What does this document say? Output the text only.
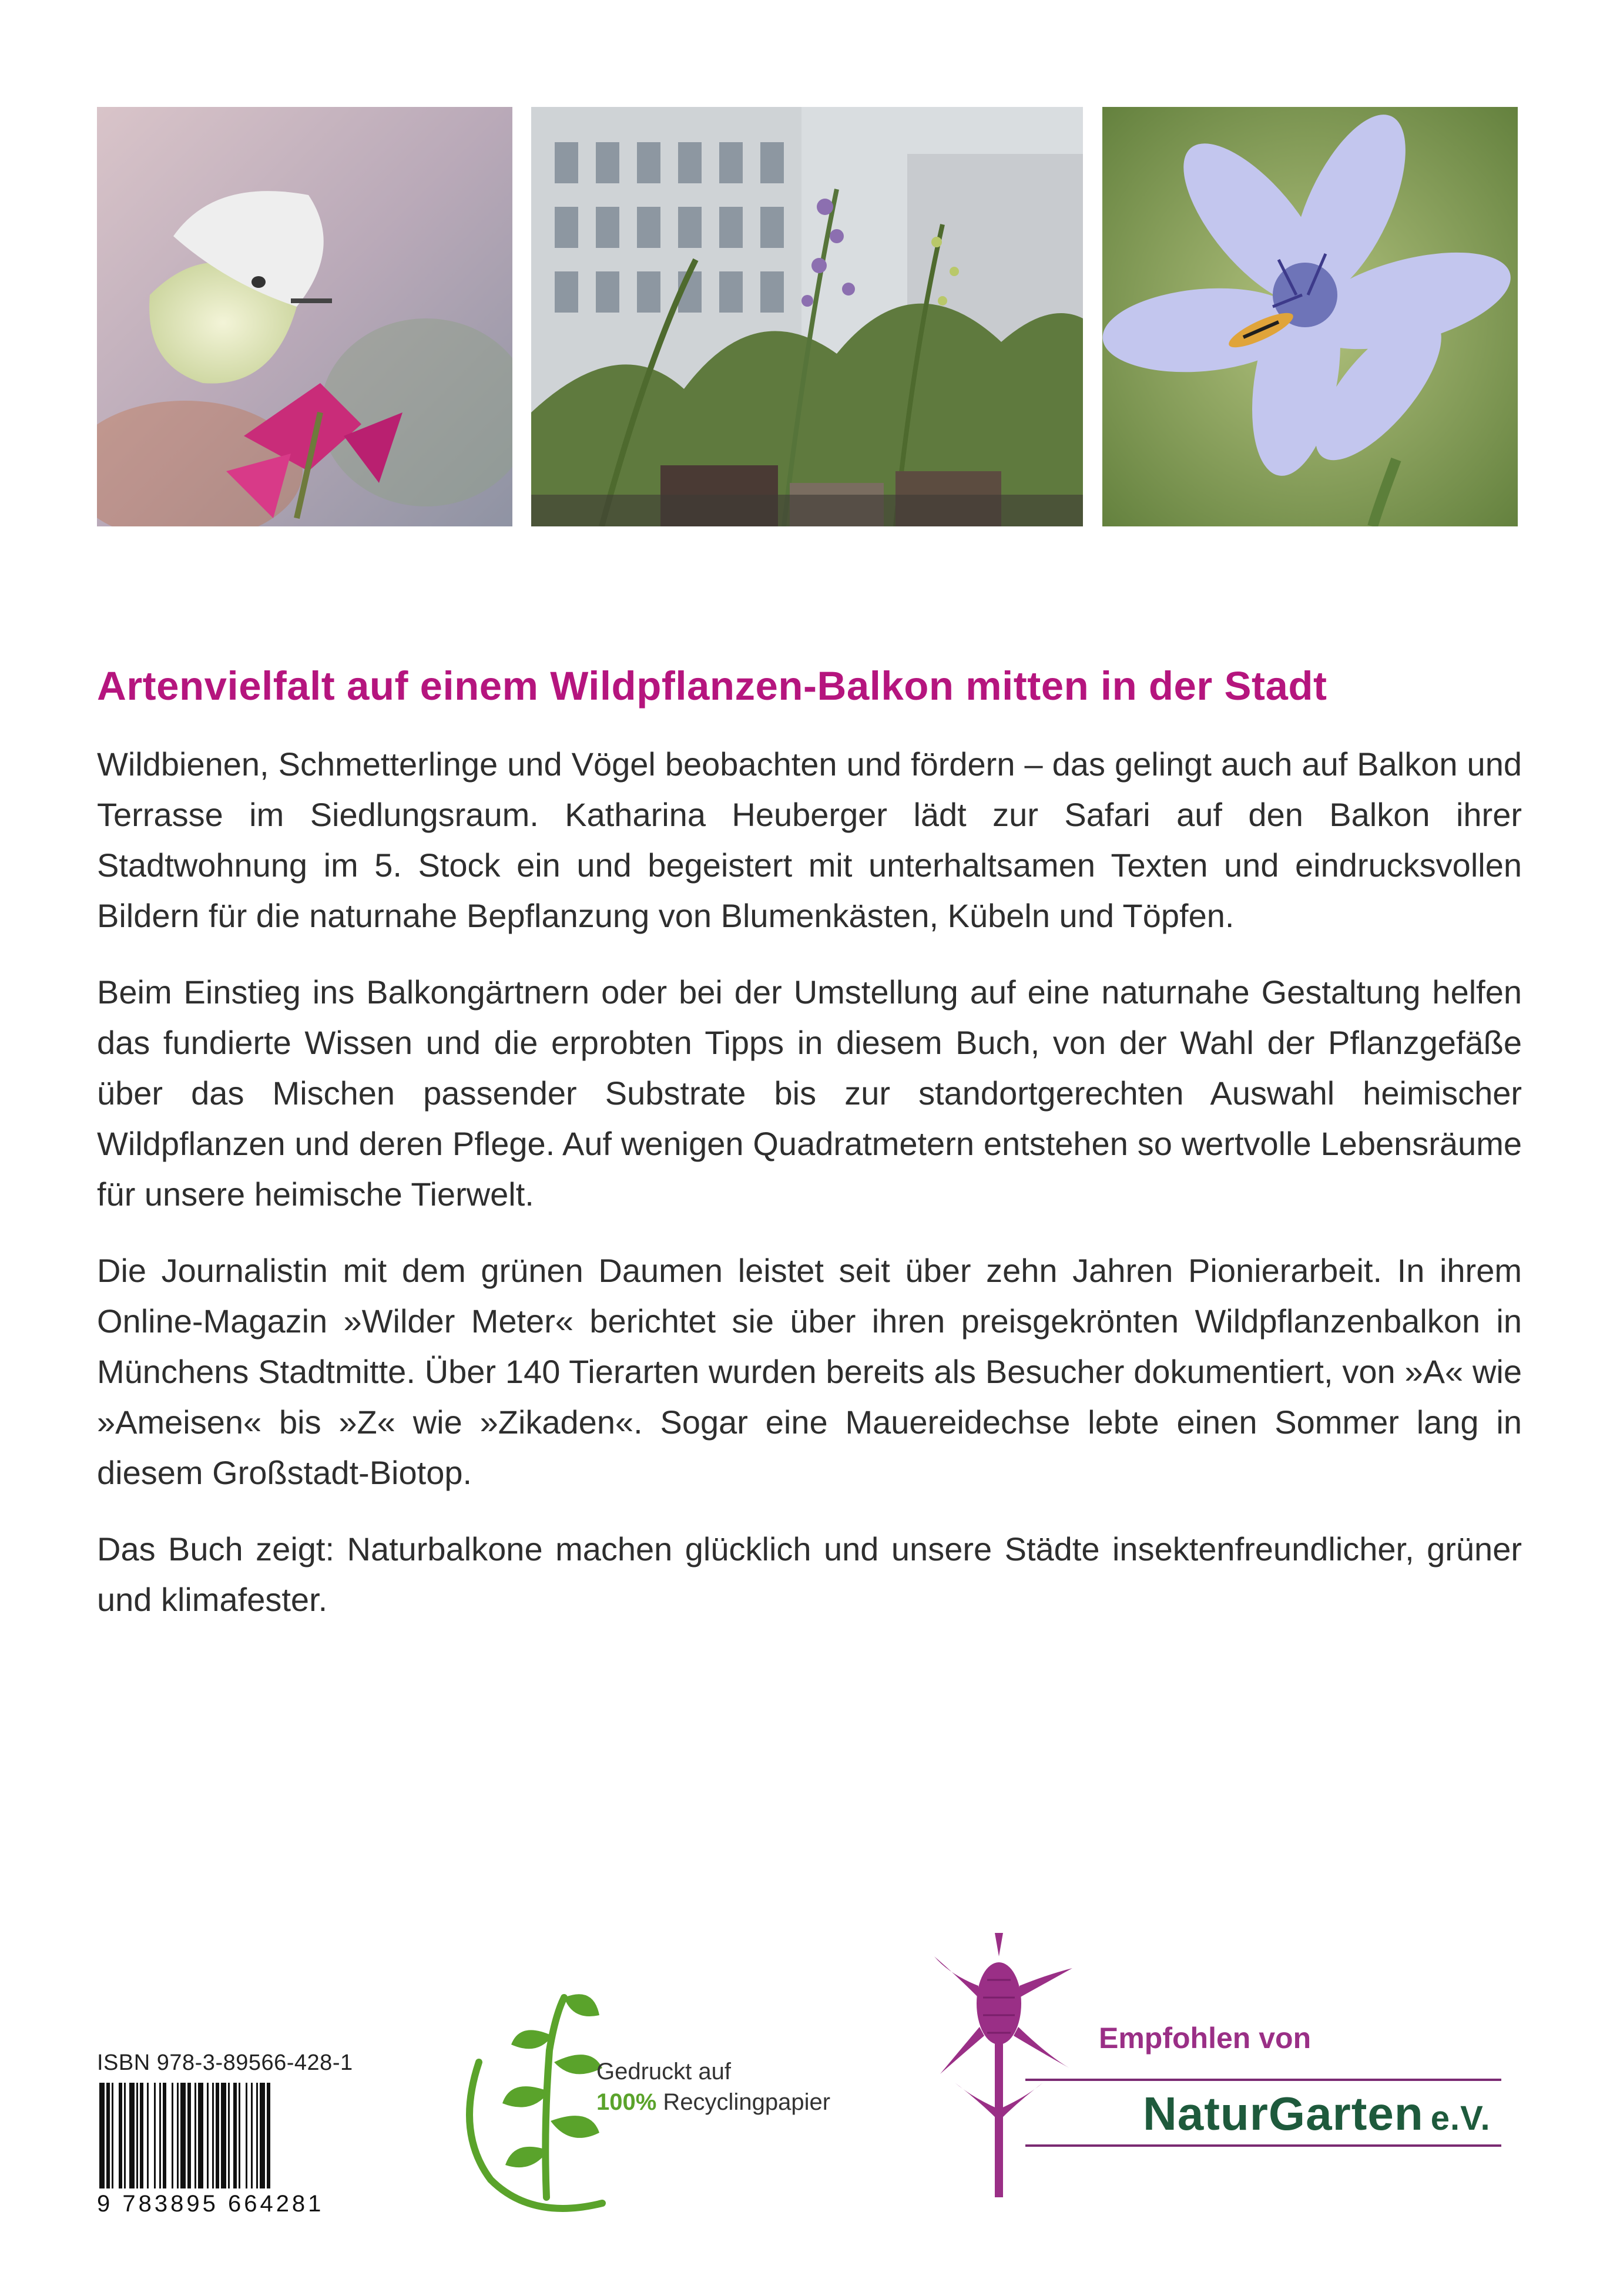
Artenvielfalt auf einem Wildpflanzen-Balkon mitten in der Stadt

Wildbienen, Schmetterlinge und Vögel beobachten und fördern – das gelingt auch auf Balkon und Terrasse im Siedlungsraum. Katharina Heuberger lädt zur Safari auf den Balkon ihrer Stadtwohnung im 5. Stock ein und begeistert mit unterhaltsamen Texten und eindrucksvollen Bildern für die naturnahe Bepflanzung von Blumenkästen, Kübeln und Töpfen.

Beim Einstieg ins Balkongärtnern oder bei der Umstellung auf eine naturnahe Gestaltung helfen das fundierte Wissen und die erprobten Tipps in diesem Buch, von der Wahl der Pflanzgefäße über das Mischen passender Substrate bis zur standortgerechten Auswahl heimischer Wildpflanzen und deren Pflege. Auf wenigen Quadratmetern entstehen so wertvolle Lebensräume für unsere heimische Tierwelt.

Die Journalistin mit dem grünen Daumen leistet seit über zehn Jahren Pionierarbeit. In ihrem Online-Magazin »Wilder Meter« berichtet sie über ihren preisgekrönten Wildpflanzenbalkon in Münchens Stadtmitte. Über 140 Tierarten wurden bereits als Besucher dokumentiert, von »A« wie »Ameisen« bis »Z« wie »Zikaden«. Sogar eine Mauereidechse lebte einen Sommer lang in diesem Großstadt-Biotop.

Das Buch zeigt: Naturbalkone machen glücklich und unsere Städte insektenfreundlicher, grüner und klimafester.

ISBN 978-3-89566-428-1
9 783895 664281
Gedruckt auf
100% Recyclingpapier
Empfohlen von
NaturGarten e.V.
